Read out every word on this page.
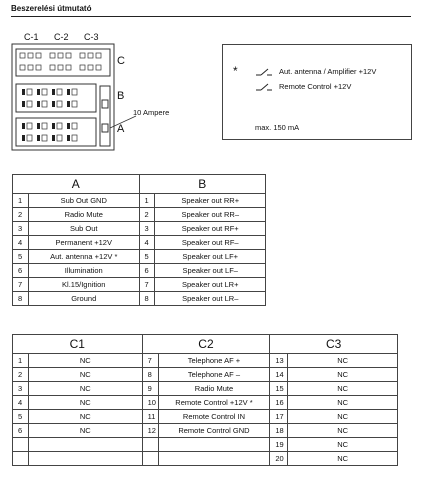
Beszerelési útmutató
C-1 C-2 C-3
C
B
A
10 Ampere
*	Aut. antenna / Amplifier +12V
Remote Control +12V
max. 150 mA
A		B	
1	Sub Out GND	1	Speaker out RR+
2	Radio Mute	2	Speaker out RR–
3	Sub Out	3	Speaker out RF+
4	Permanent +12V	4	Speaker out RF–
5	Aut. antenna +12V *	5	Speaker out LF+
6	Illumination	6	Speaker out LF–
7	Kl.15/Ignition	7	Speaker out LR+
8	Ground	8	Speaker out LR–
C1		C2		C3	
1	NC	7	Telephone AF +	13	NC
2	NC	8	Telephone AF –	14	NC
3	NC	9	Radio Mute	15	NC
4	NC	10	Remote Control +12V *	16	NC
5	NC	11	Remote Control IN	17	NC
6	NC	12	Remote Control GND	18	NC
				19	NC
				20	NC
